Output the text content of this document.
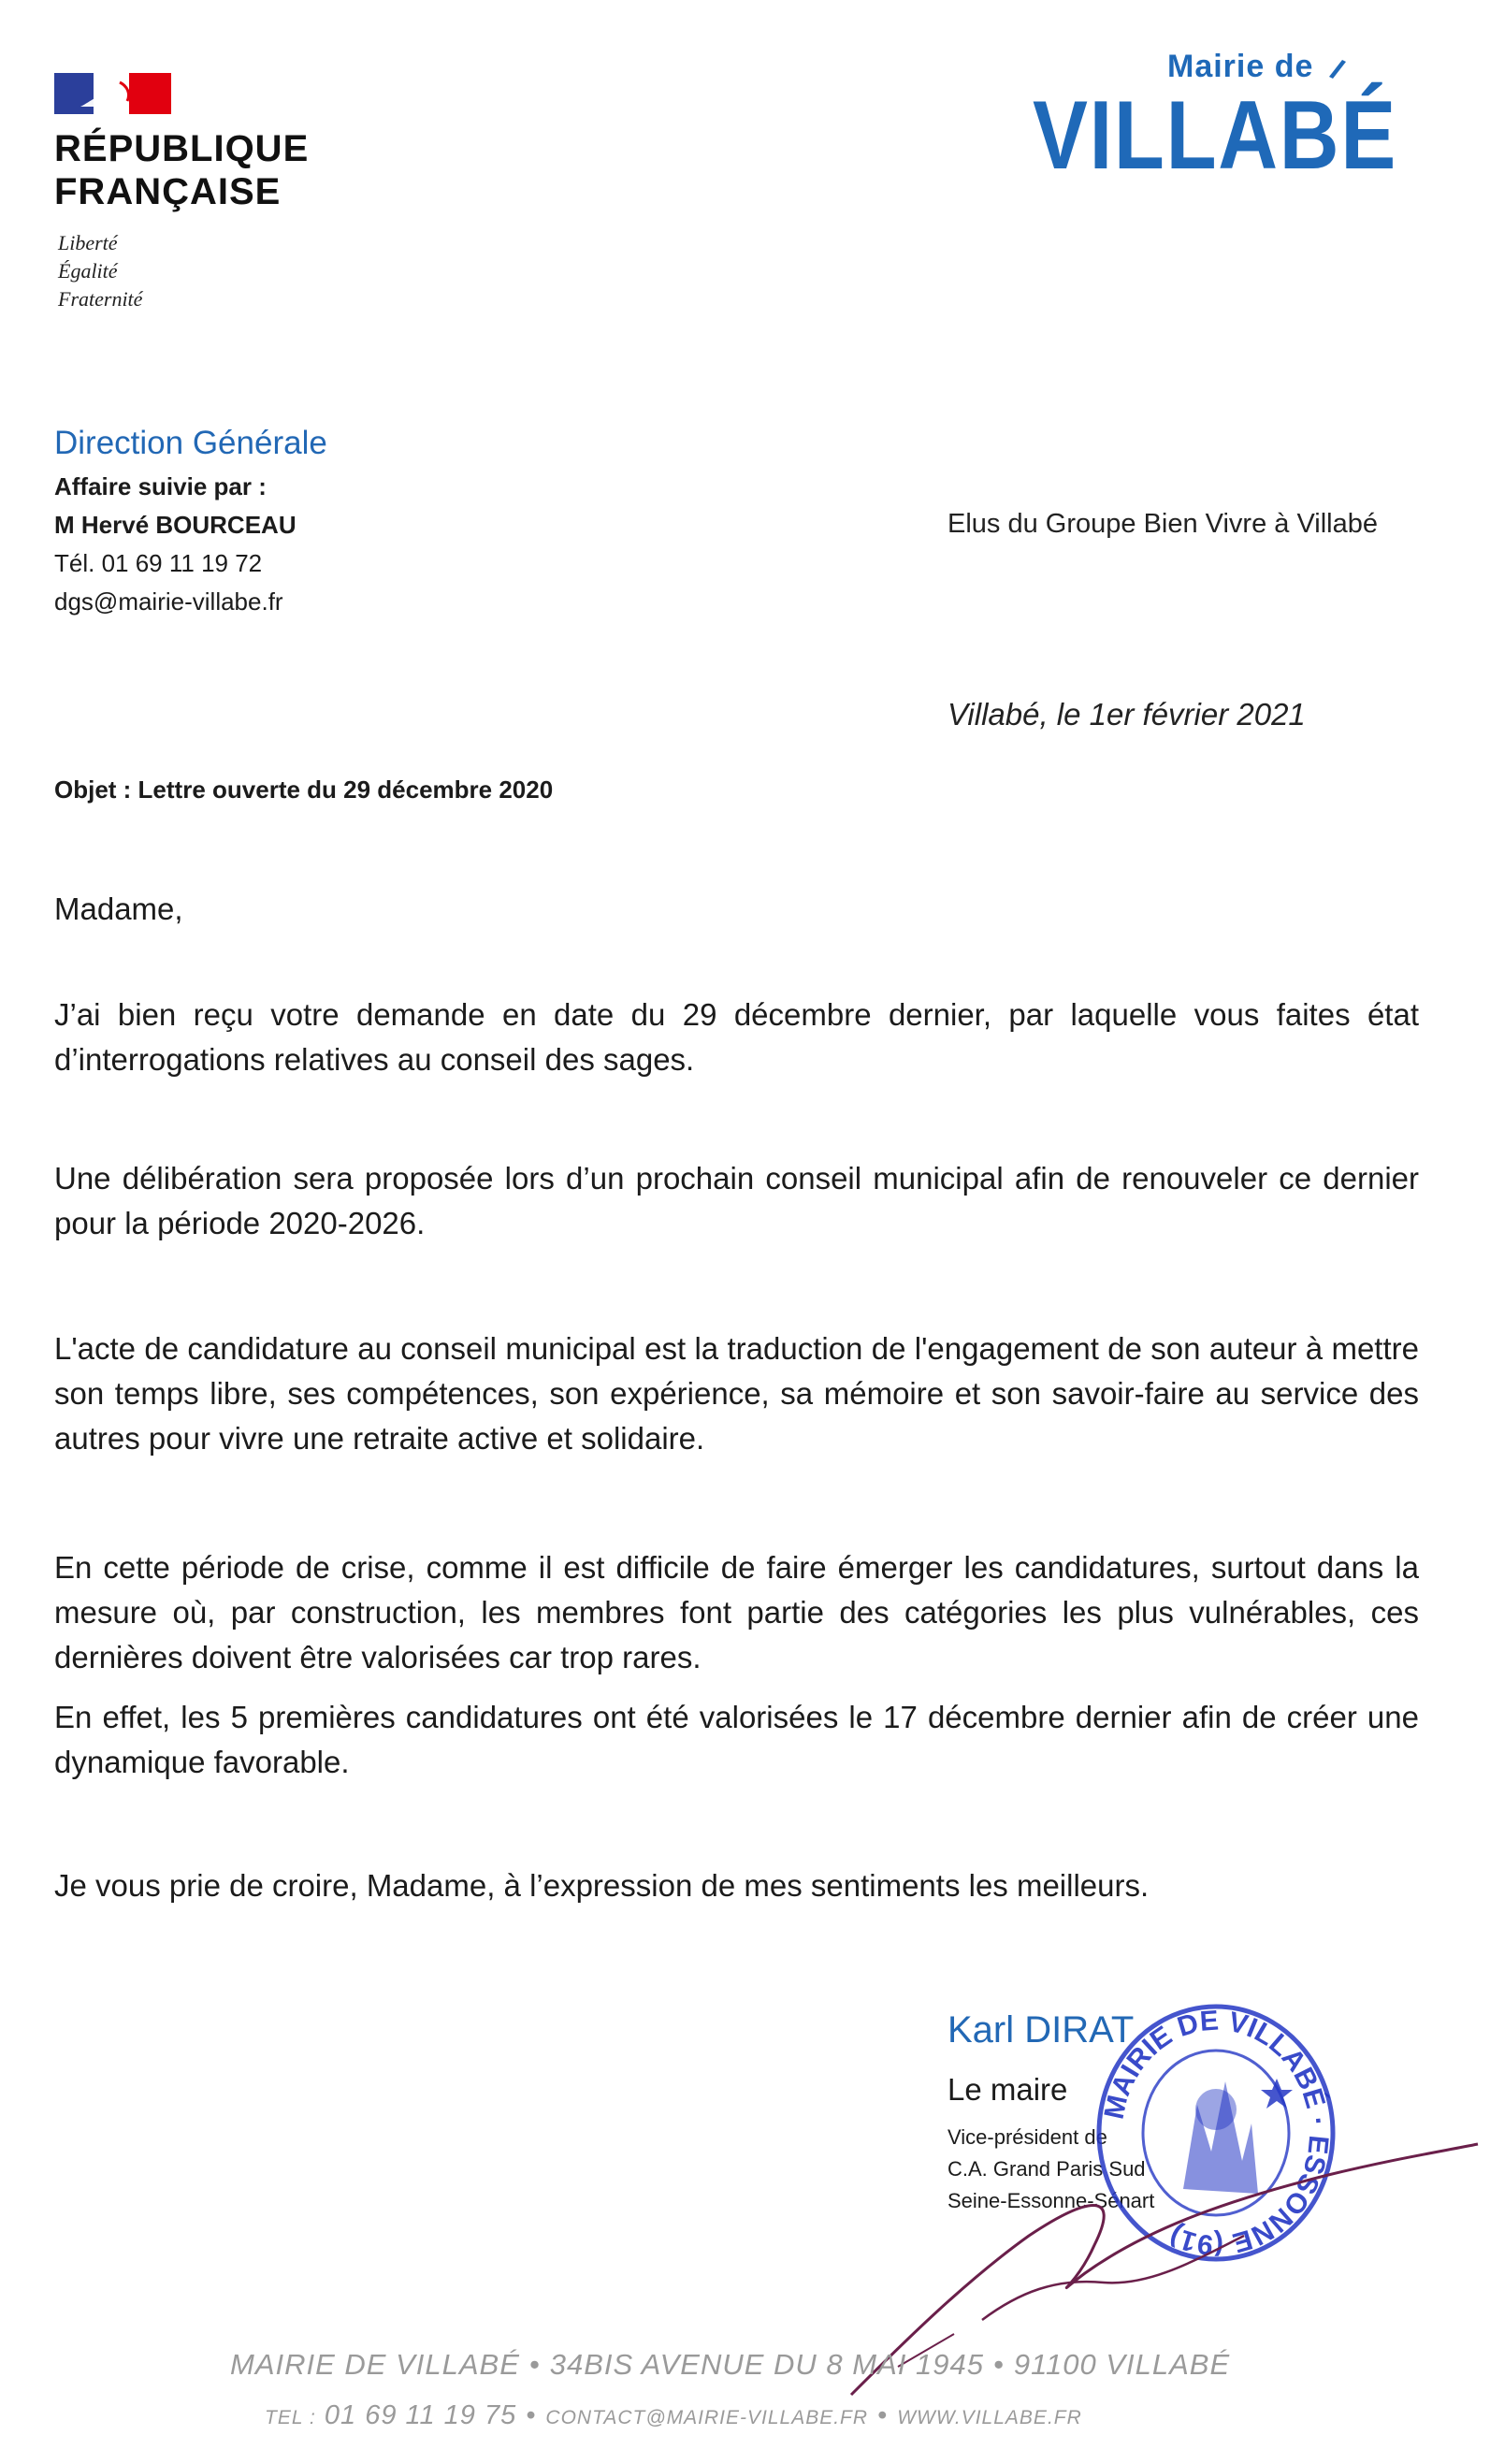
RÉPUBLIQUE
FRANÇAISE
Liberté
Égalité
Fraternité
Mairie de
VILLABÉ
Direction Générale
Affaire suivie par :
M Hervé BOURCEAU
Tél. 01 69 11 19 72
dgs@mairie-villabe.fr
Elus du Groupe Bien Vivre à Villabé
Villabé, le 1er février 2021
Objet : Lettre ouverte du 29 décembre 2020
Madame,
J’ai bien reçu votre demande en date du 29 décembre dernier, par laquelle vous faites état d’interrogations relatives au conseil des sages.
Une délibération sera proposée lors d’un prochain conseil municipal afin de renouveler ce dernier pour la période 2020-2026.
L'acte de candidature au conseil municipal est la traduction de l'engagement de son auteur à mettre son temps libre, ses compétences, son expérience, sa mémoire et son savoir-faire au service des autres pour vivre une retraite active et solidaire.
En cette période de crise, comme il est difficile de faire émerger les candidatures, surtout dans la mesure où, par construction, les membres font partie des catégories les plus vulnérables, ces dernières doivent être valorisées car trop rares.
En effet, les 5 premières candidatures ont été valorisées le 17 décembre dernier afin de créer une dynamique favorable.
Je vous prie de croire, Madame, à l’expression de mes sentiments les meilleurs.
Karl DIRAT
Le maire
Vice-président de
C.A. Grand Paris Sud
Seine-Essonne-Sénart
MAIRIE DE VILLABÉ · ESSONNE (91)
MAIRIE DE VILLABÉ • 34BIS AVENUE DU 8 MAI 1945 • 91100 VILLABÉ
TEL : 01 69 11 19 75 • CONTACT@MAIRIE-VILLABE.FR • WWW.VILLABE.FR
